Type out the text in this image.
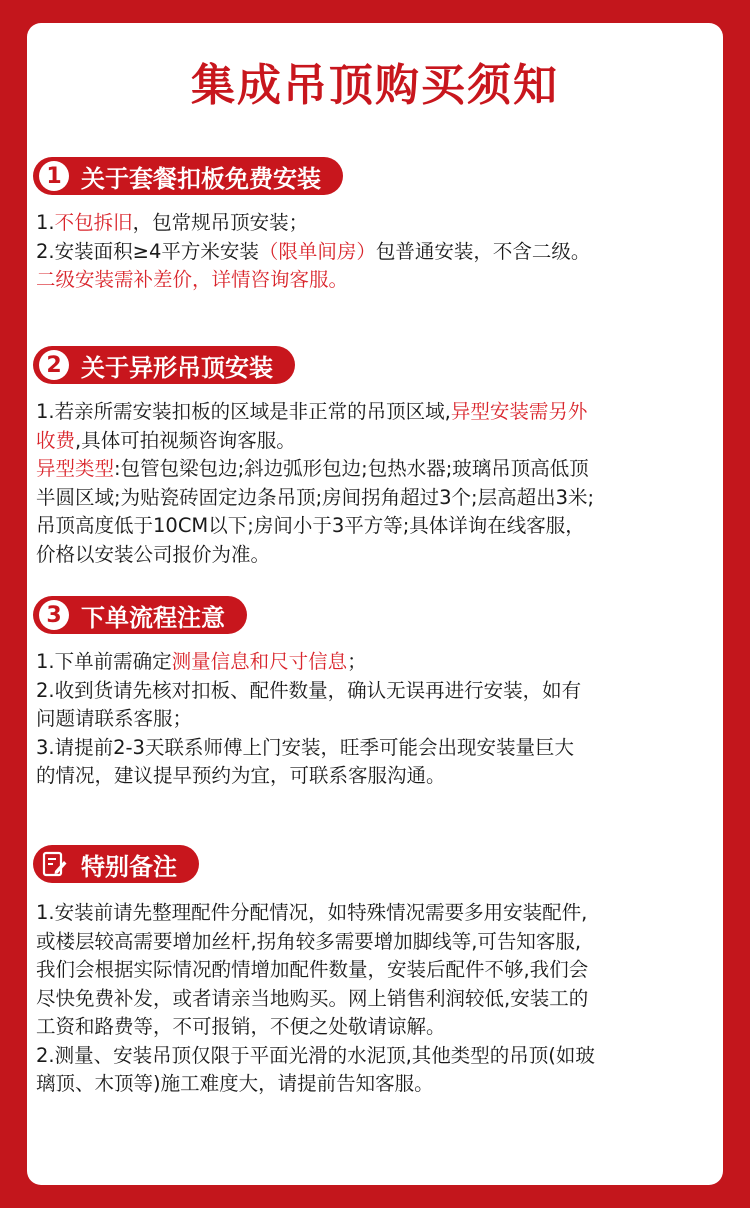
集成吊顶购买须知
1 关于套餐扣板免费安装
1.不包拆旧，包常规吊顶安装；
2.安装面积≥4平方米安装（限单间房）包普通安装，不含二级。
二级安装需补差价，详情咨询客服。
2 关于异形吊顶安装
1.若亲所需安装扣板的区域是非正常的吊顶区域,异型安装需另外
收费,具体可拍视频咨询客服。
异型类型:包管包梁包边;斜边弧形包边;包热水器;玻璃吊顶高低顶
半圆区域;为贴瓷砖固定边条吊顶;房间拐角超过3个;层高超出3米;
吊顶高度低于10CM以下;房间小于3平方等;具体详询在线客服，
价格以安装公司报价为准。
3 下单流程注意
1.下单前需确定测量信息和尺寸信息；
2.收到货请先核对扣板、配件数量，确认无误再进行安装，如有
问题请联系客服；
3.请提前2-3天联系师傅上门安装，旺季可能会出现安装量巨大
的情况，建议提早预约为宜，可联系客服沟通。
特别备注
1.安装前请先整理配件分配情况，如特殊情况需要多用安装配件,
或楼层较高需要增加丝杆,拐角较多需要增加脚线等,可告知客服,
我们会根据实际情况酌情增加配件数量，安装后配件不够,我们会
尽快免费补发，或者请亲当地购买。网上销售利润较低,安装工的
工资和路费等，不可报销，不便之处敬请谅解。
2.测量、安装吊顶仅限于平面光滑的水泥顶,其他类型的吊顶(如玻
璃顶、木顶等)施工难度大，请提前告知客服。
